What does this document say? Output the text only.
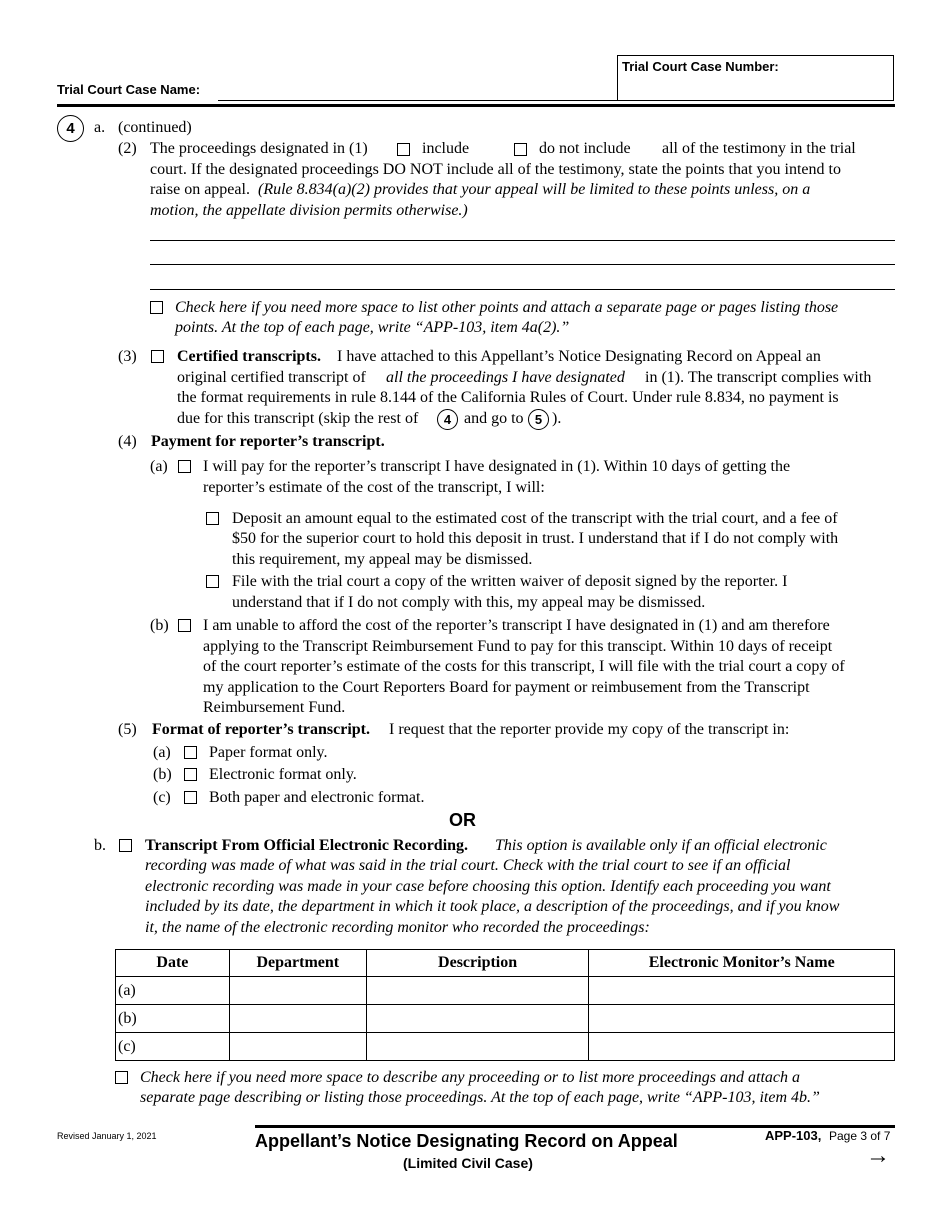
Trial Court Case Number:
Trial Court Case Name:
4 a. (continued)
(2) The proceedings designated in (1)	include	do not include all of the testimony in the trial
court. If the designated proceedings DO NOT include all of the testimony, state the points that you intend to
raise on appeal. (Rule 8.834(a)(2) provides that your appeal will be limited to these points unless, on a
motion, the appellate division permits otherwise.)
Check here if you need more space to list other points and attach a separate page or pages listing those
points. At the top of each page, write “APP-103, item 4a(2).”
(3)	Certified transcripts. I have attached to this Appellant’s Notice Designating Record on Appeal an
original certified transcript of all the proceedings I have designated in (1). The transcript complies with
the format requirements in rule 8.144 of the California Rules of Court. Under rule 8.834, no payment is
due for this transcript (skip the rest of 4 and go to 5 ).
(4) Payment for reporter’s transcript.
(a) I will pay for the reporter’s transcript I have designated in (1). Within 10 days of getting the
reporter’s estimate of the cost of the transcript, I will:
Deposit an amount equal to the estimated cost of the transcript with the trial court, and a fee of
$50 for the superior court to hold this deposit in trust. I understand that if I do not comply with
this requirement, my appeal may be dismissed.
File with the trial court a copy of the written waiver of deposit signed by the reporter. I
understand that if I do not comply with this, my appeal may be dismissed.
(b) I am unable to afford the cost of the reporter’s transcript I have designated in (1) and am therefore
applying to the Transcript Reimbursement Fund to pay for this transcipt. Within 10 days of receipt
of the court reporter’s estimate of the costs for this transcript, I will file with the trial court a copy of
my application to the Court Reporters Board for payment or reimbusement from the Transcript
Reimbursement Fund.
(5) Format of reporter’s transcript. I request that the reporter provide my copy of the transcript in:
(a) Paper format only.
(b) Electronic format only.
(c) Both paper and electronic format.
OR
b. Transcript From Official Electronic Recording. This option is available only if an official electronic
recording was made of what was said in the trial court. Check with the trial court to see if an official
electronic recording was made in your case before choosing this option. Identify each proceeding you want
included by its date, the department in which it took place, a description of the proceedings, and if you know
it, the name of the electronic recording monitor who recorded the proceedings:
Date	Department	Description	Electronic Monitor’s Name
(a)			
(b)			
(c)			
Check here if you need more space to describe any proceeding or to list more proceedings and attach a
separate page describing or listing those proceedings. At the top of each page, write “APP-103, item 4b.”
Revised January 1, 2021	Appellant’s Notice Designating Record on Appeal
(Limited Civil Case)
APP-103, Page 3 of 7
→
